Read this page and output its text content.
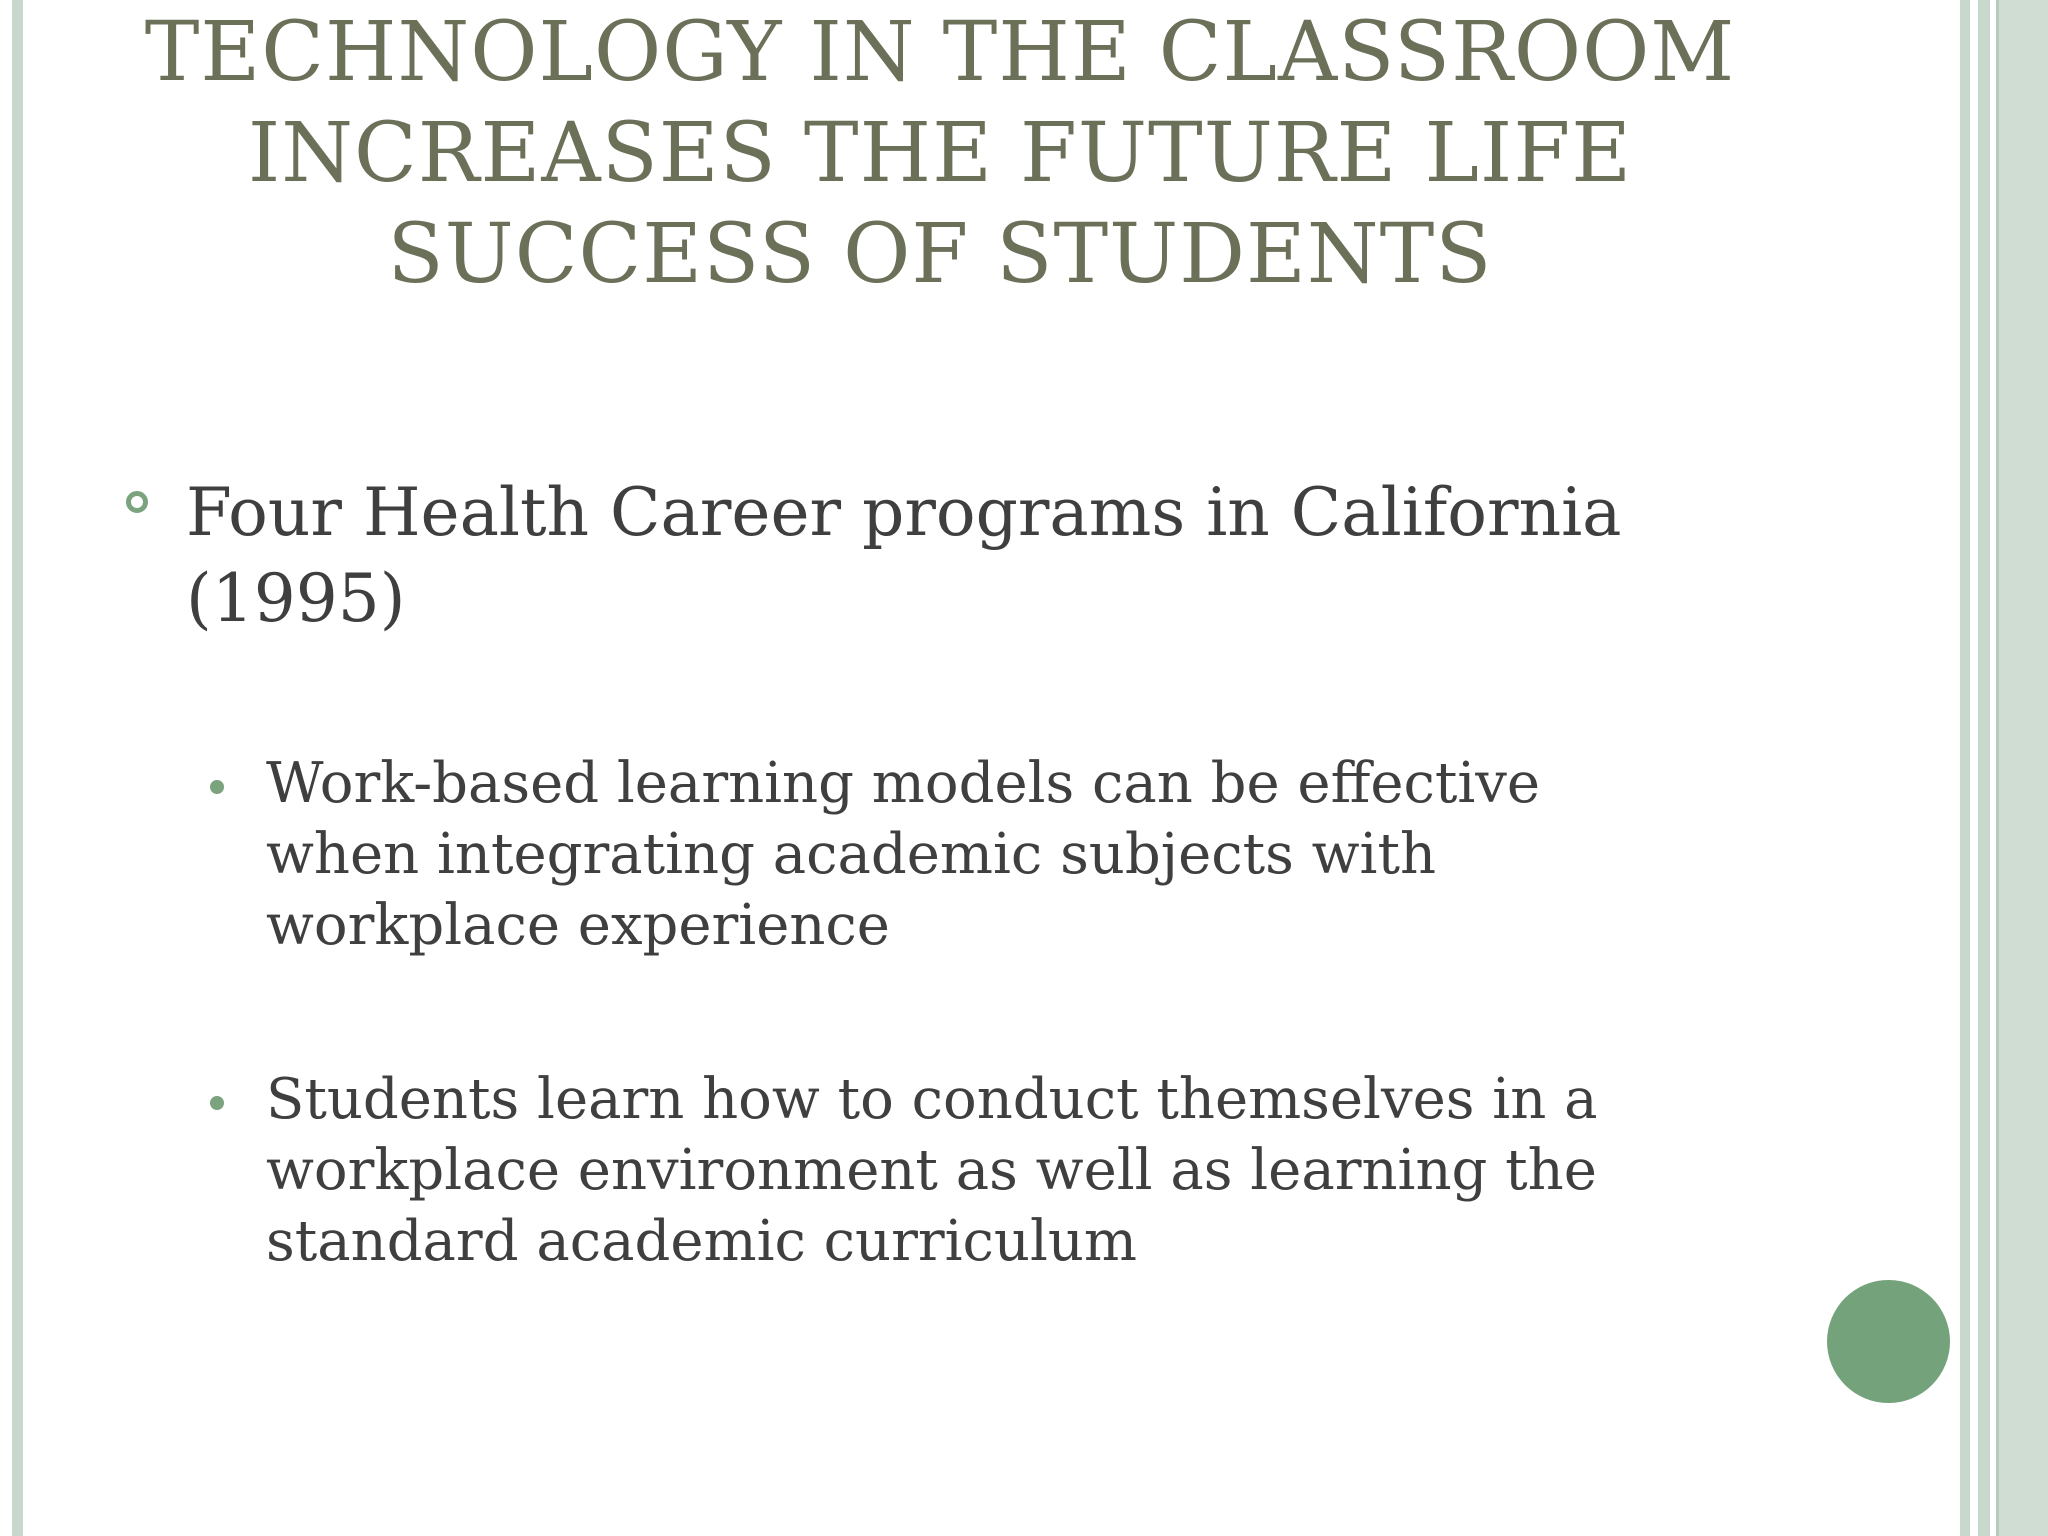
TECHNOLOGY IN THE CLASSROOM INCREASES THE FUTURE LIFE SUCCESS OF STUDENTS
Four Health Career programs in California (1995)
Work-based learning models can be effective when integrating academic subjects with workplace experience
Students learn how to conduct themselves in a workplace environment as well as learning the standard academic curriculum
